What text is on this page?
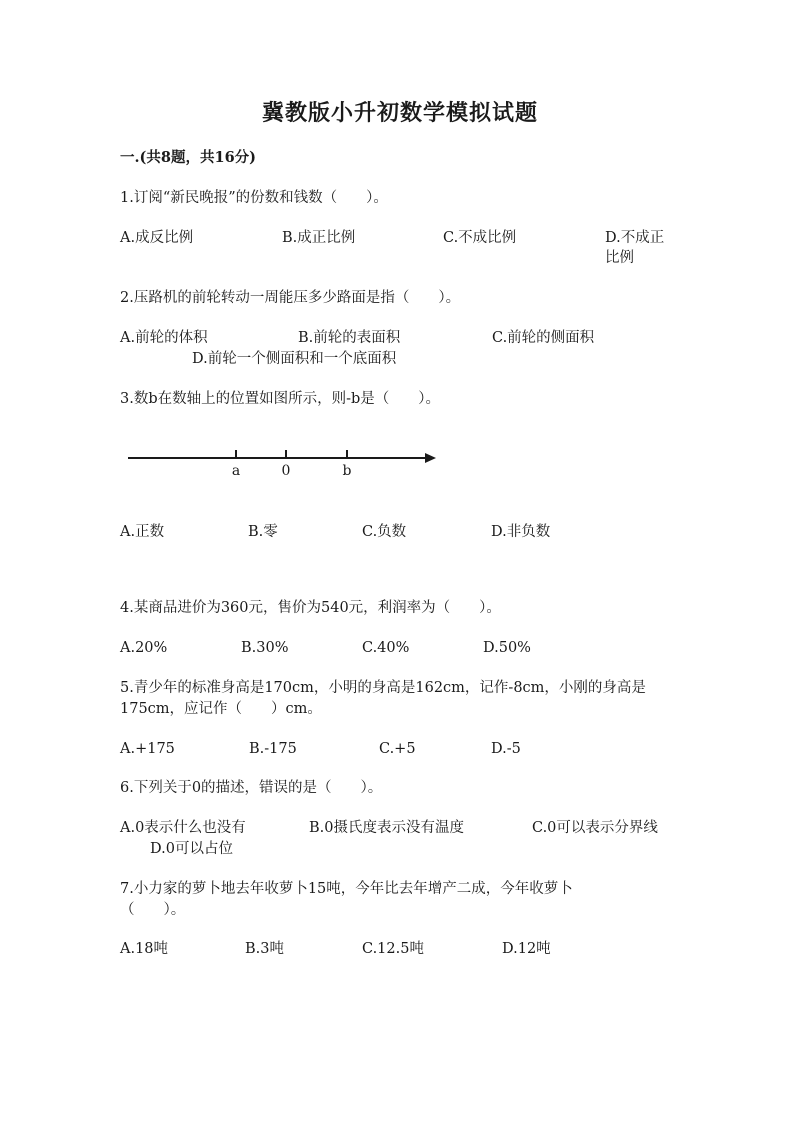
冀教版小升初数学模拟试题
一.(共8题，共16分)
1.订阅“新民晚报”的份数和钱数（　　）。
A.成反比例	B.成正比例	C.不成比例	D.不成正比例
2.压路机的前轮转动一周能压多少路面是指（　　）。
A.前轮的体积	B.前轮的表面积	C.前轮的侧面积
D.前轮一个侧面积和一个底面积
3.数b在数轴上的位置如图所示，则-b是（　　）。
a	0	b
A.正数	B.零	C.负数	D.非负数
4.某商品进价为360元，售价为540元，利润率为（　　）。
A.20%	B.30%	C.40%	D.50%
5.青少年的标准身高是170cm，小明的身高是162cm，记作-8cm，小刚的身高是
175cm，应记作（　　）cm。
A.+175	B.-175	C.+5	D.-5
6.下列关于0的描述，错误的是（　　）。
A.0表示什么也没有	B.0摄氏度表示没有温度	C.0可以表示分界线
D.0可以占位
7.小力家的萝卜地去年收萝卜15吨，今年比去年增产二成，今年收萝卜
（　　）。
A.18吨	B.3吨	C.12.5吨	D.12吨
